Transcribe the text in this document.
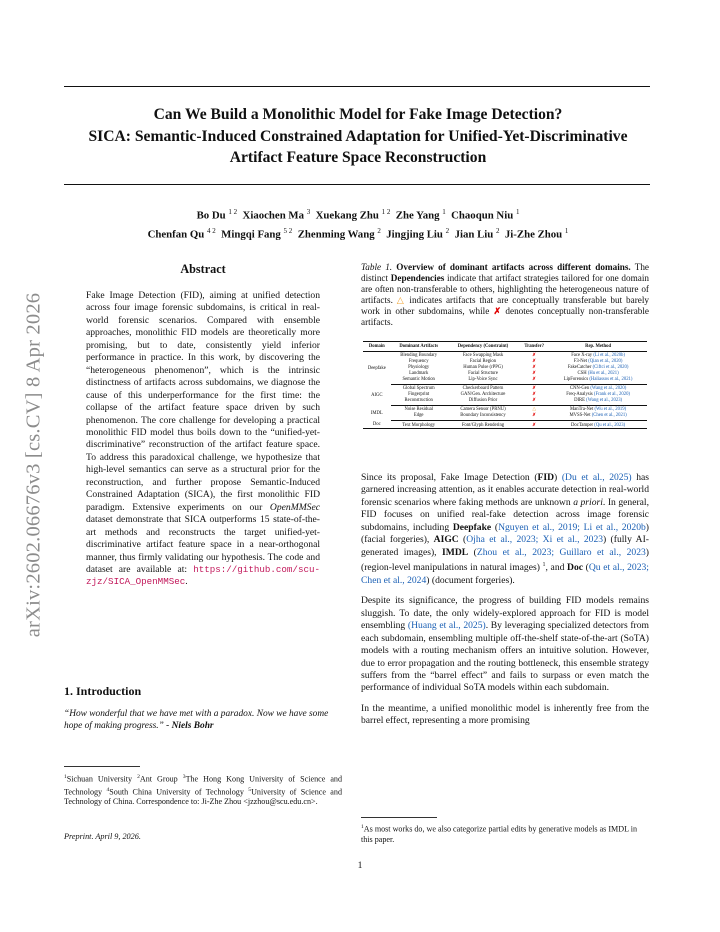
arXiv:2602.06676v3 [cs.CV] 8 Apr 2026
Can We Build a Monolithic Model for Fake Image Detection?
SICA: Semantic-Induced Constrained Adaptation for Unified-Yet-Discriminative
Artifact Feature Space Reconstruction
Bo Du $^{1 2}$ Xiaochen Ma $^3$ Xuekang Zhu $^{1 2}$ Zhe Yang $^1$ Chaoqun Niu $^1$
Chenfan Qu $^{4 2}$ Mingqi Fang $^{5 2}$ Zhenming Wang $^2$ Jingjing Liu $^2$ Jian Liu $^2$ Ji-Zhe Zhou $^1$
Abstract
Fake Image Detection (FID), aiming at unified detection across four image forensic subdomains, is critical in real-world forensic scenarios. Compared with ensemble approaches, monolithic FID models are theoretically more promising, but to date, consistently yield inferior performance in practice. In this work, by discovering the “heterogeneous phenomenon”, which is the intrinsic distinctness of artifacts across subdomains, we diagnose the cause of this underperformance for the first time: the collapse of the artifact feature space driven by such phenomenon. The core challenge for developing a practical monolithic FID model thus boils down to the “unified-yet-discriminative” reconstruction of the artifact feature space. To address this paradoxical challenge, we hypothesize that high-level semantics can serve as a structural prior for the reconstruction, and further propose Semantic-Induced Constrained Adaptation (SICA), the first monolithic FID paradigm. Extensive experiments on our OpenMMSec dataset demonstrate that SICA outperforms 15 state-of-the-art methods and reconstructs the target unified-yet-discriminative artifact feature space in a near-orthogonal manner, thus firmly validating our hypothesis. The code and dataset are available at: https://github.com/scu-zjz/SICA_OpenMMSec.
1. Introduction
“How wonderful that we have met with a paradox. Now we have some hope of making progress.” - Niels Bohr
$^1$Sichuan University $^2$Ant Group $^3$The Hong Kong University of Science and Technology $^4$South China University of Technology $^5$University of Science and Technology of China. Correspondence to: Ji-Zhe Zhou <jzzhou@scu.edu.cn>.
Preprint. April 9, 2026.
Table 1. Overview of dominant artifacts across different domains. The distinct Dependencies indicate that artifact strategies tailored for one domain are often non-transferable to others, highlighting the heterogeneous nature of artifacts. △ indicates artifacts that are conceptually transferable but barely work in other subdomains, while ✗ denotes conceptually non-transferable artifacts.
Domain	Dominant Artifacts	Dependency (Constraint)	Transfer?	Rep. Method
Deepfake	Blending Boundary	Face Swapping Mask	✗	Face X-ray (Li et al., 2020b)
	Frequency	Facial Region	✗	F3-Net (Qian et al., 2020)
	Physiology	Human Pulse (rPPG)	✗	FakeCatcher (Ciftci et al., 2020)
	Landmark	Facial Structure	✗	CSH (Hu et al., 2021)
	Semantic Motion	Lip-Voice Sync	✗	LipForensics (Haliassos et al., 2021)
AIGC	Global Spectrum	Checkerboard Pattern	✗	CNN-Gen (Wang et al., 2020)
	Fingerprint	GAN/Gen. Architecture	✗	Freq-Analysis (Frank et al., 2020)
	Reconstruction	Diffusion Prior	✗	DIRE (Wang et al., 2023)
IMDL	Noise Residual	Camera Sensor (PRNU)	△	ManTra-Net (Wu et al., 2019)
	Edge	Boundary Inconsistency	✗	MVSS-Net (Chen et al., 2021)
Doc	Text Morphology	Font/Glyph Rendering	✗	DocTamper (Qu et al., 2023)

Since its proposal, Fake Image Detection (FID) (Du et al., 2025) has garnered increasing attention, as it enables accurate detection in real-world forensic scenarios where faking methods are unknown a priori. In general, FID focuses on unified real-fake detection across image forensic subdomains, including Deepfake (Nguyen et al., 2019; Li et al., 2020b) (facial forgeries), AIGC (Ojha et al., 2023; Xi et al., 2023) (fully AI-generated images), IMDL (Zhou et al., 2023; Guillaro et al., 2023) (region-level manipulations in natural images) $^1$, and Doc (Qu et al., 2023; Chen et al., 2024) (document forgeries).

Despite its significance, the progress of building FID models remains sluggish. To date, the only widely-explored approach for FID is model ensembling (Huang et al., 2025). By leveraging specialized detectors from each subdomain, ensembling multiple off-the-shelf state-of-the-art (SoTA) models with a routing mechanism offers an intuitive solution. However, due to error propagation and the routing bottleneck, this ensemble strategy suffers from the “barrel effect” and fails to surpass or even match the performance of individual SoTA models within each subdomain.

In the meantime, a unified monolithic model is inherently free from the barrel effect, representing a more promising

$^1$As most works do, we also categorize partial edits by generative models as IMDL in this paper.
1
